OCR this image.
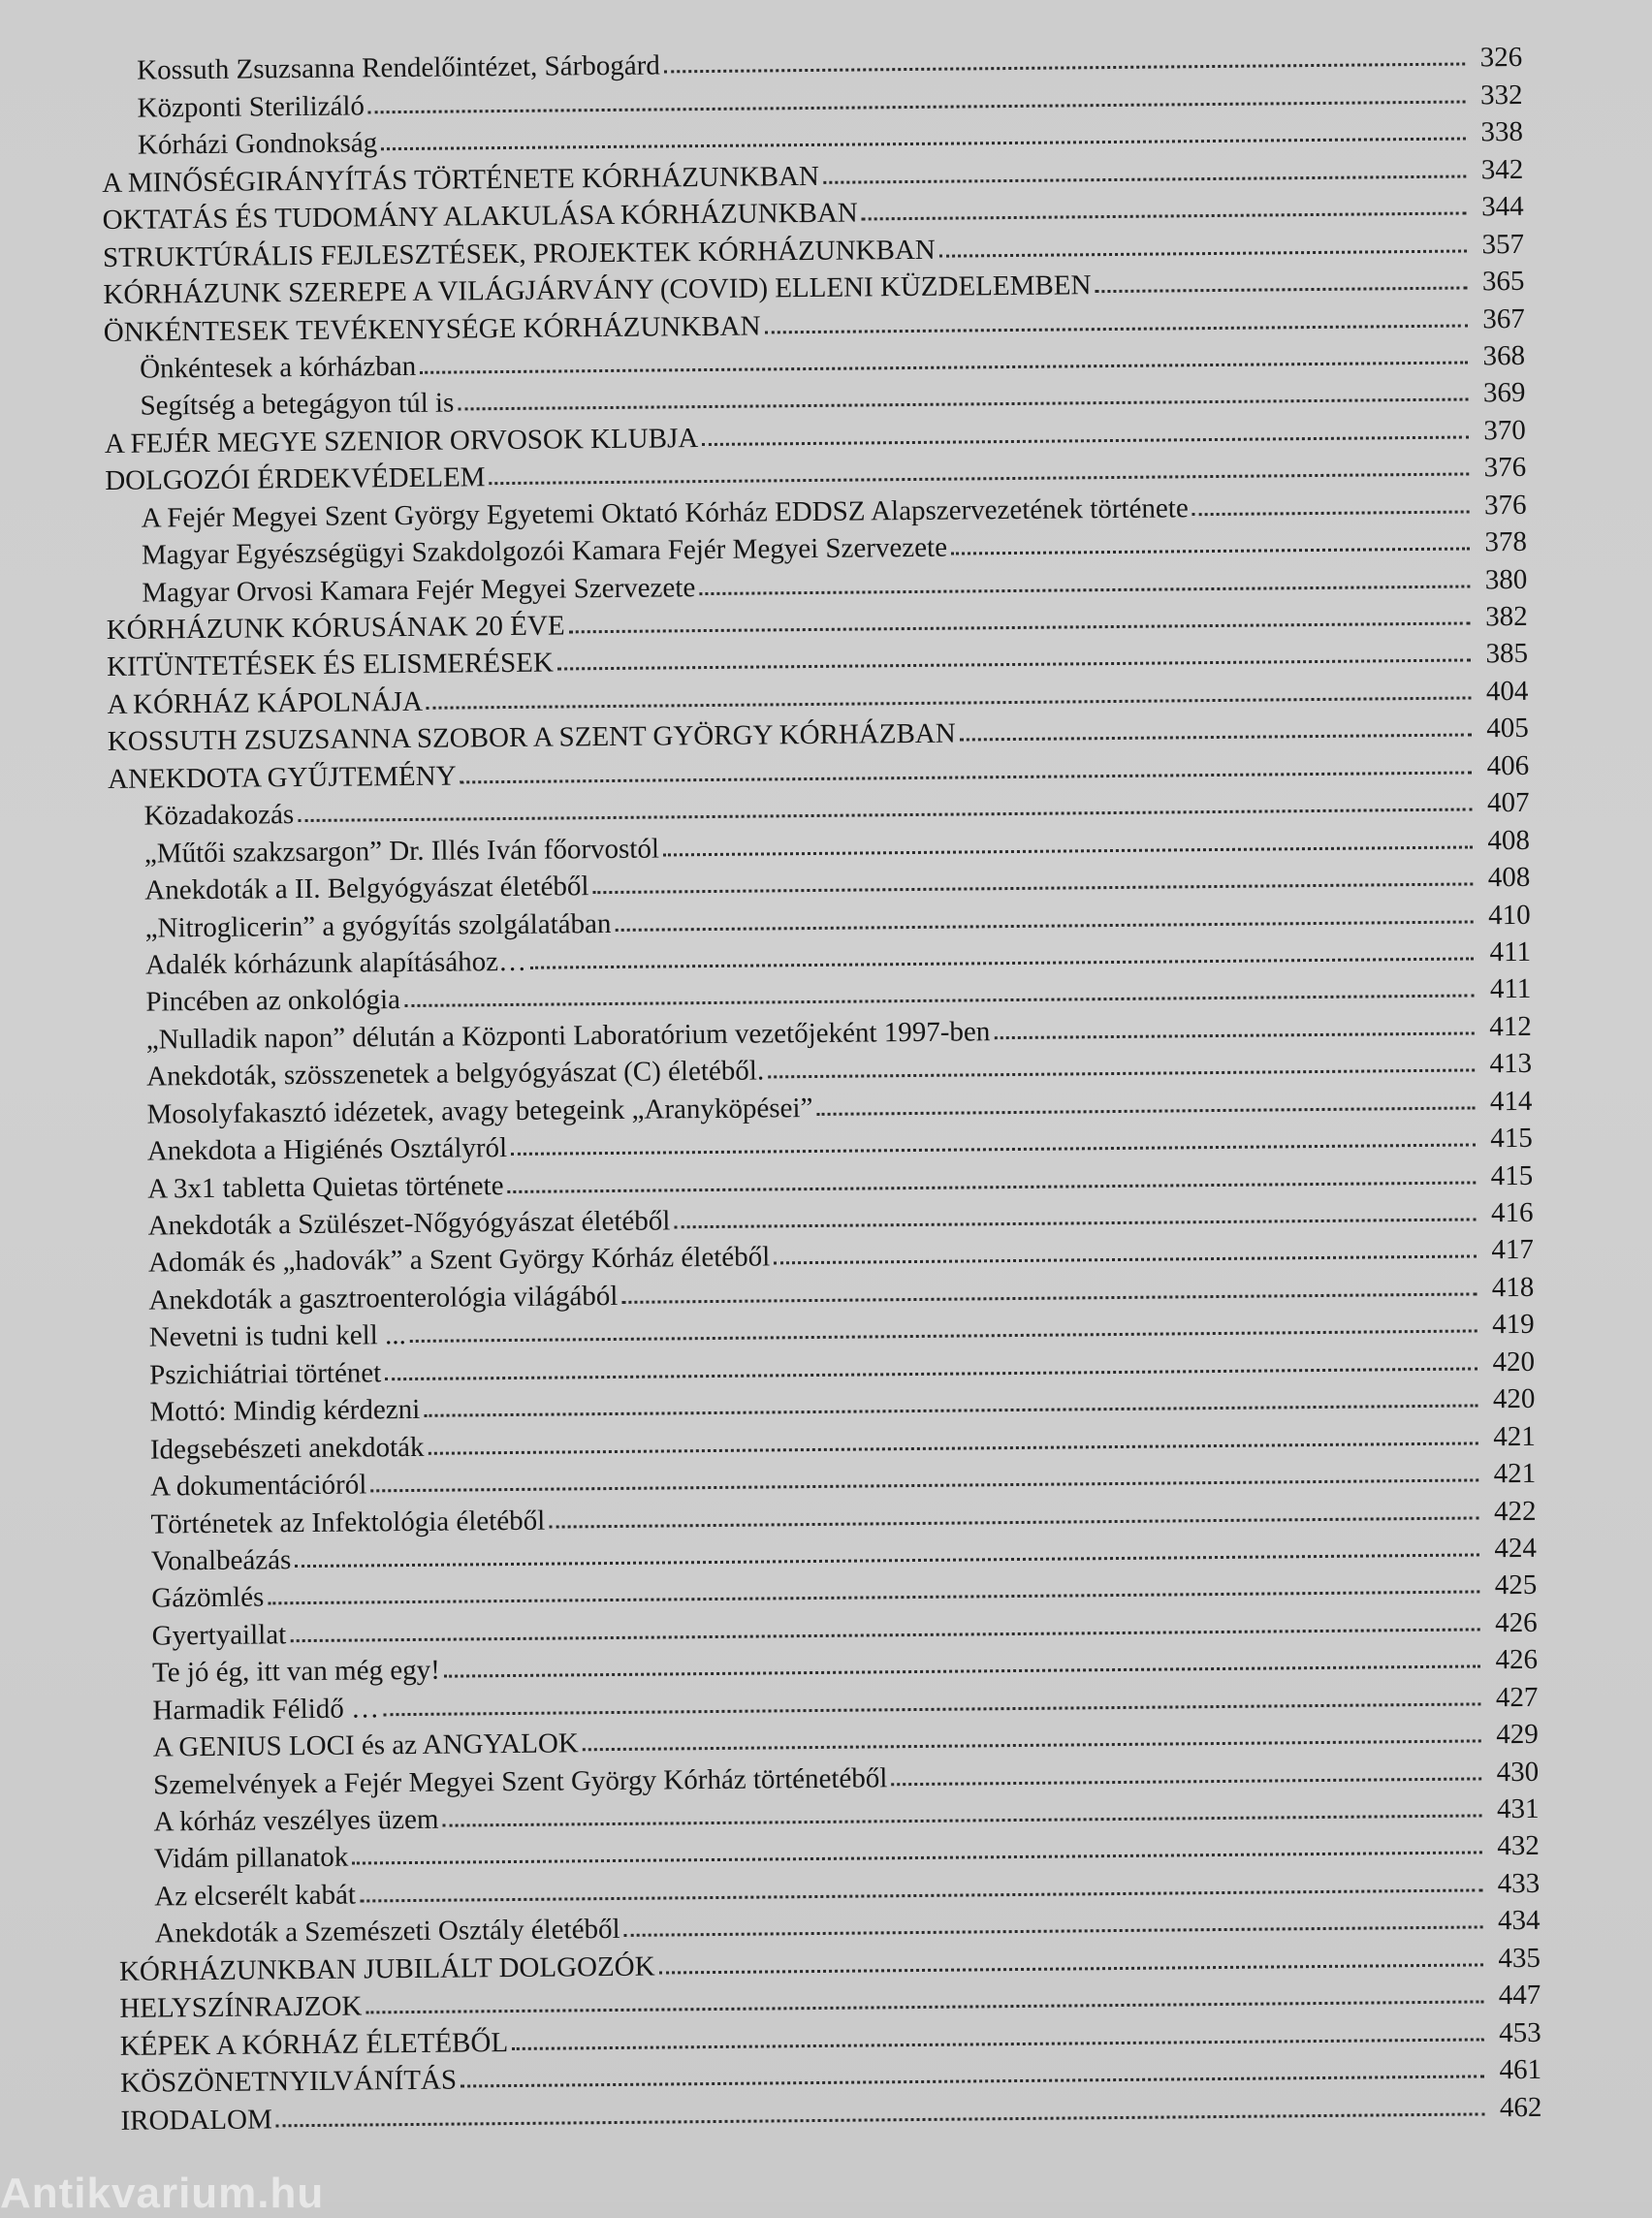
Kossuth Zsuzsanna Rendelőintézet, Sárbogárd	326
Központi Sterilizáló	332
Kórházi Gondnokság	338
A MINŐSÉGIRÁNYÍTÁS TÖRTÉNETE KÓRHÁZUNKBAN	342
OKTATÁS ÉS TUDOMÁNY ALAKULÁSA KÓRHÁZUNKBAN	344
STRUKTÚRÁLIS FEJLESZTÉSEK, PROJEKTEK KÓRHÁZUNKBAN	357
KÓRHÁZUNK SZEREPE A VILÁGJÁRVÁNY (COVID) ELLENI KÜZDELEMBEN	365
ÖNKÉNTESEK TEVÉKENYSÉGE KÓRHÁZUNKBAN	367
Önkéntesek a kórházban	368
Segítség a betegágyon túl is	369
A FEJÉR MEGYE SZENIOR ORVOSOK KLUBJA	370
DOLGOZÓI ÉRDEKVÉDELEM	376
A Fejér Megyei Szent György Egyetemi Oktató Kórház EDDSZ Alapszervezetének története	376
Magyar Egyészségügyi Szakdolgozói Kamara Fejér Megyei Szervezete	378
Magyar Orvosi Kamara Fejér Megyei Szervezete	380
KÓRHÁZUNK KÓRUSÁNAK 20 ÉVE	382
KITÜNTETÉSEK ÉS ELISMERÉSEK	385
A KÓRHÁZ KÁPOLNÁJA	404
KOSSUTH ZSUZSANNA SZOBOR A SZENT GYÖRGY KÓRHÁZBAN	405
ANEKDOTA GYŰJTEMÉNY	406
Közadakozás	407
„Műtői szakzsargon” Dr. Illés Iván főorvostól	408
Anekdoták a II. Belgyógyászat életéből	408
„Nitroglicerin” a gyógyítás szolgálatában	410
Adalék kórházunk alapításához…	411
Pincében az onkológia	411
„Nulladik napon” délután a Központi Laboratórium vezetőjeként 1997-ben	412
Anekdoták, szösszenetek a belgyógyászat (C) életéből.	413
Mosolyfakasztó idézetek, avagy betegeink „Aranyköpései”	414
Anekdota a Higiénés Osztályról	415
A 3x1 tabletta Quietas története	415
Anekdoták a Szülészet-Nőgyógyászat életéből	416
Adomák és „hadovák” a Szent György Kórház életéből	417
Anekdoták a gasztroenterológia világából	418
Nevetni is tudni kell ...	419
Pszichiátriai történet	420
Mottó: Mindig kérdezni	420
Idegsebészeti anekdoták	421
A dokumentációról	421
Történetek az Infektológia életéből	422
Vonalbeázás	424
Gázömlés	425
Gyertyaillat	426
Te jó ég, itt van még egy!	426
Harmadik Félidő …	427
A GENIUS LOCI és az ANGYALOK	429
Szemelvények a Fejér Megyei Szent György Kórház történetéből	430
A kórház veszélyes üzem	431
Vidám pillanatok	432
Az elcserélt kabát	433
Anekdoták a Szemészeti Osztály életéből	434
KÓRHÁZUNKBAN JUBILÁLT DOLGOZÓK	435
HELYSZÍNRAJZOK	447
KÉPEK A KÓRHÁZ ÉLETÉBŐL	453
KÖSZÖNETNYILVÁNÍTÁS	461
IRODALOM	462
Antikvarium.hu
